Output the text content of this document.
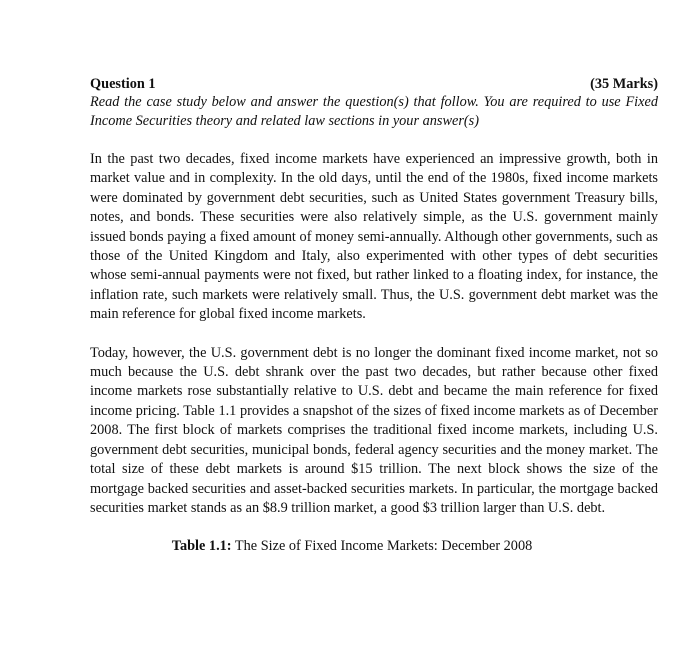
Question 1	(35 Marks)

Read the case study below and answer the question(s) that follow. You are required to use Fixed Income Securities theory and related law sections in your answer(s)

In the past two decades, fixed income markets have experienced an impressive growth, both in market value and in complexity. In the old days, until the end of the 1980s, fixed income markets were dominated by government debt securities, such as United States government Treasury bills, notes, and bonds. These securities were also relatively simple, as the U.S. government mainly issued bonds paying a fixed amount of money semi-annually. Although other governments, such as those of the United Kingdom and Italy, also experimented with other types of debt securities whose semi-annual payments were not fixed, but rather linked to a floating index, for instance, the inflation rate, such markets were relatively small. Thus, the U.S. government debt market was the main reference for global fixed income markets.

Today, however, the U.S. government debt is no longer the dominant fixed income market, not so much because the U.S. debt shrank over the past two decades, but rather because other fixed income markets rose substantially relative to U.S. debt and became the main reference for fixed income pricing. Table 1.1 provides a snapshot of the sizes of fixed income markets as of December 2008. The first block of markets comprises the traditional fixed income markets, including U.S. government debt securities, municipal bonds, federal agency securities and the money market. The total size of these debt markets is around $15 trillion. The next block shows the size of the mortgage backed securities and asset-backed securities markets. In particular, the mortgage backed securities market stands as an $8.9 trillion market, a good $3 trillion larger than U.S. debt.

Table 1.1: The Size of Fixed Income Markets: December 2008
